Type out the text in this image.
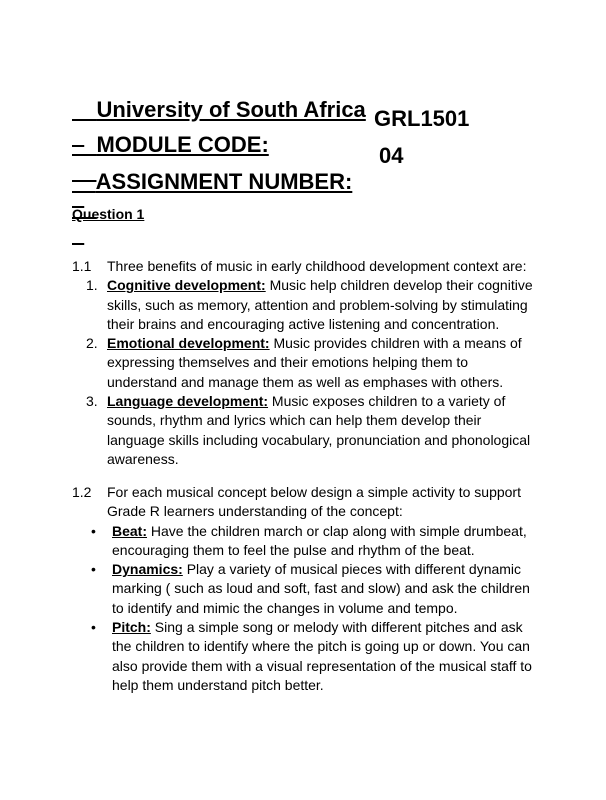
University of South Africa

MODULE CODE:

GRL1501

ASSIGNMENT NUMBER:

04

Question 1
1.1 Three benefits of music in early childhood development context are:
1. Cognitive development: Music help children develop their cognitive skills, such as memory, attention and problem-solving by stimulating their brains and encouraging active listening and concentration.
2. Emotional development: Music provides children with a means of expressing themselves and their emotions helping them to understand and manage them as well as emphases with others.
3. Language development: Music exposes children to a variety of sounds, rhythm and lyrics which can help them develop their language skills including vocabulary, pronunciation and phonological awareness.
1.2 For each musical concept below design a simple activity to support Grade R learners understanding of the concept:
• Beat: Have the children march or clap along with simple drumbeat, encouraging them to feel the pulse and rhythm of the beat.
• Dynamics: Play a variety of musical pieces with different dynamic marking ( such as loud and soft, fast and slow) and ask the children to identify and mimic the changes in volume and tempo.
• Pitch: Sing a simple song or melody with different pitches and ask the children to identify where the pitch is going up or down. You can also provide them with a visual representation of the musical staff to help them understand pitch better.
